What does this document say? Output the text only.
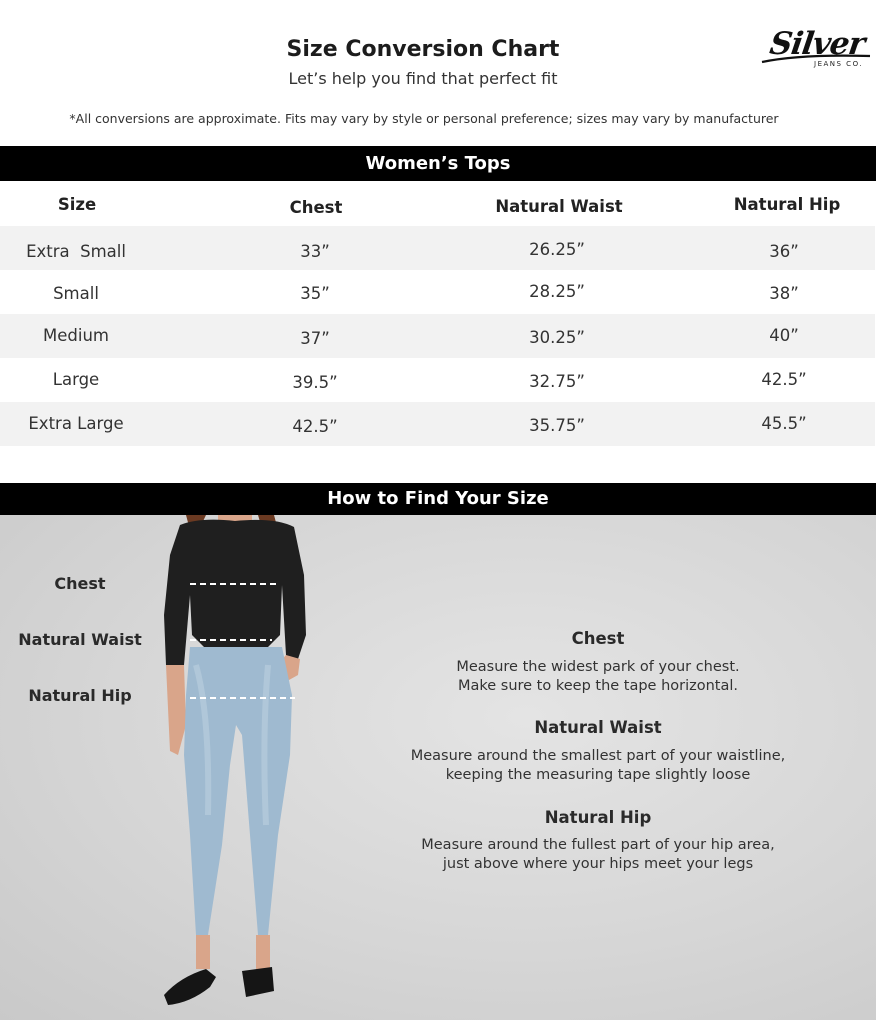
Size Conversion Chart
Let’s help you find that perfect fit
*All conversions are approximate. Fits may vary by style or personal preference; sizes may vary by manufacturer
Silver
JEANS CO.
Women’s Tops
Size	Chest	Natural Waist	Natural Hip
Extra  Small	33”	26.25”	36”
Small	35”	28.25”	38”
Medium	37”	30.25”	40”
Large	39.5”	32.75”	42.5”
Extra Large	42.5”	35.75”	45.5”
How to Find Your Size
Chest
Natural Waist
Natural Hip
Chest
Measure the widest park of your chest.
Make sure to keep the tape horizontal.
Natural Waist
Measure around the smallest part of your waistline,
keeping the measuring tape slightly loose
Natural Hip
Measure around the fullest part of your hip area,
just above where your hips meet your legs
